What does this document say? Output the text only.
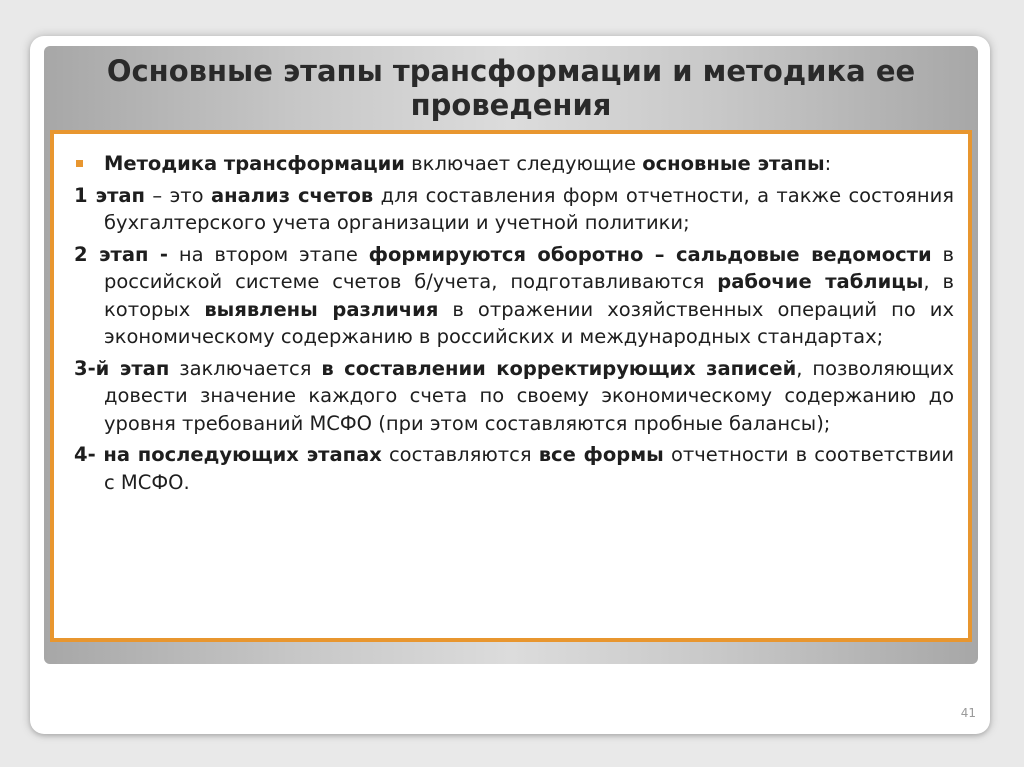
Основные этапы трансформации и методика ее проведения

Методика трансформации включает следующие основные этапы:

1 этап – это анализ счетов для составления форм отчетности, а также состояния бухгалтерского учета организации и учетной политики;

2 этап - на втором этапе формируются оборотно – сальдовые ведомости в российской системе счетов б/учета, подготавливаются рабочие таблицы, в которых выявлены различия в отражении хозяйственных операций по их экономическому содержанию в российских и международных стандартах;

3-й этап заключается в составлении корректирующих записей, позволяющих довести значение каждого счета по своему экономическому содержанию до уровня требований МСФО (при этом составляются пробные балансы);

4- на последующих этапах составляются все формы отчетности в соответствии с МСФО.

41
